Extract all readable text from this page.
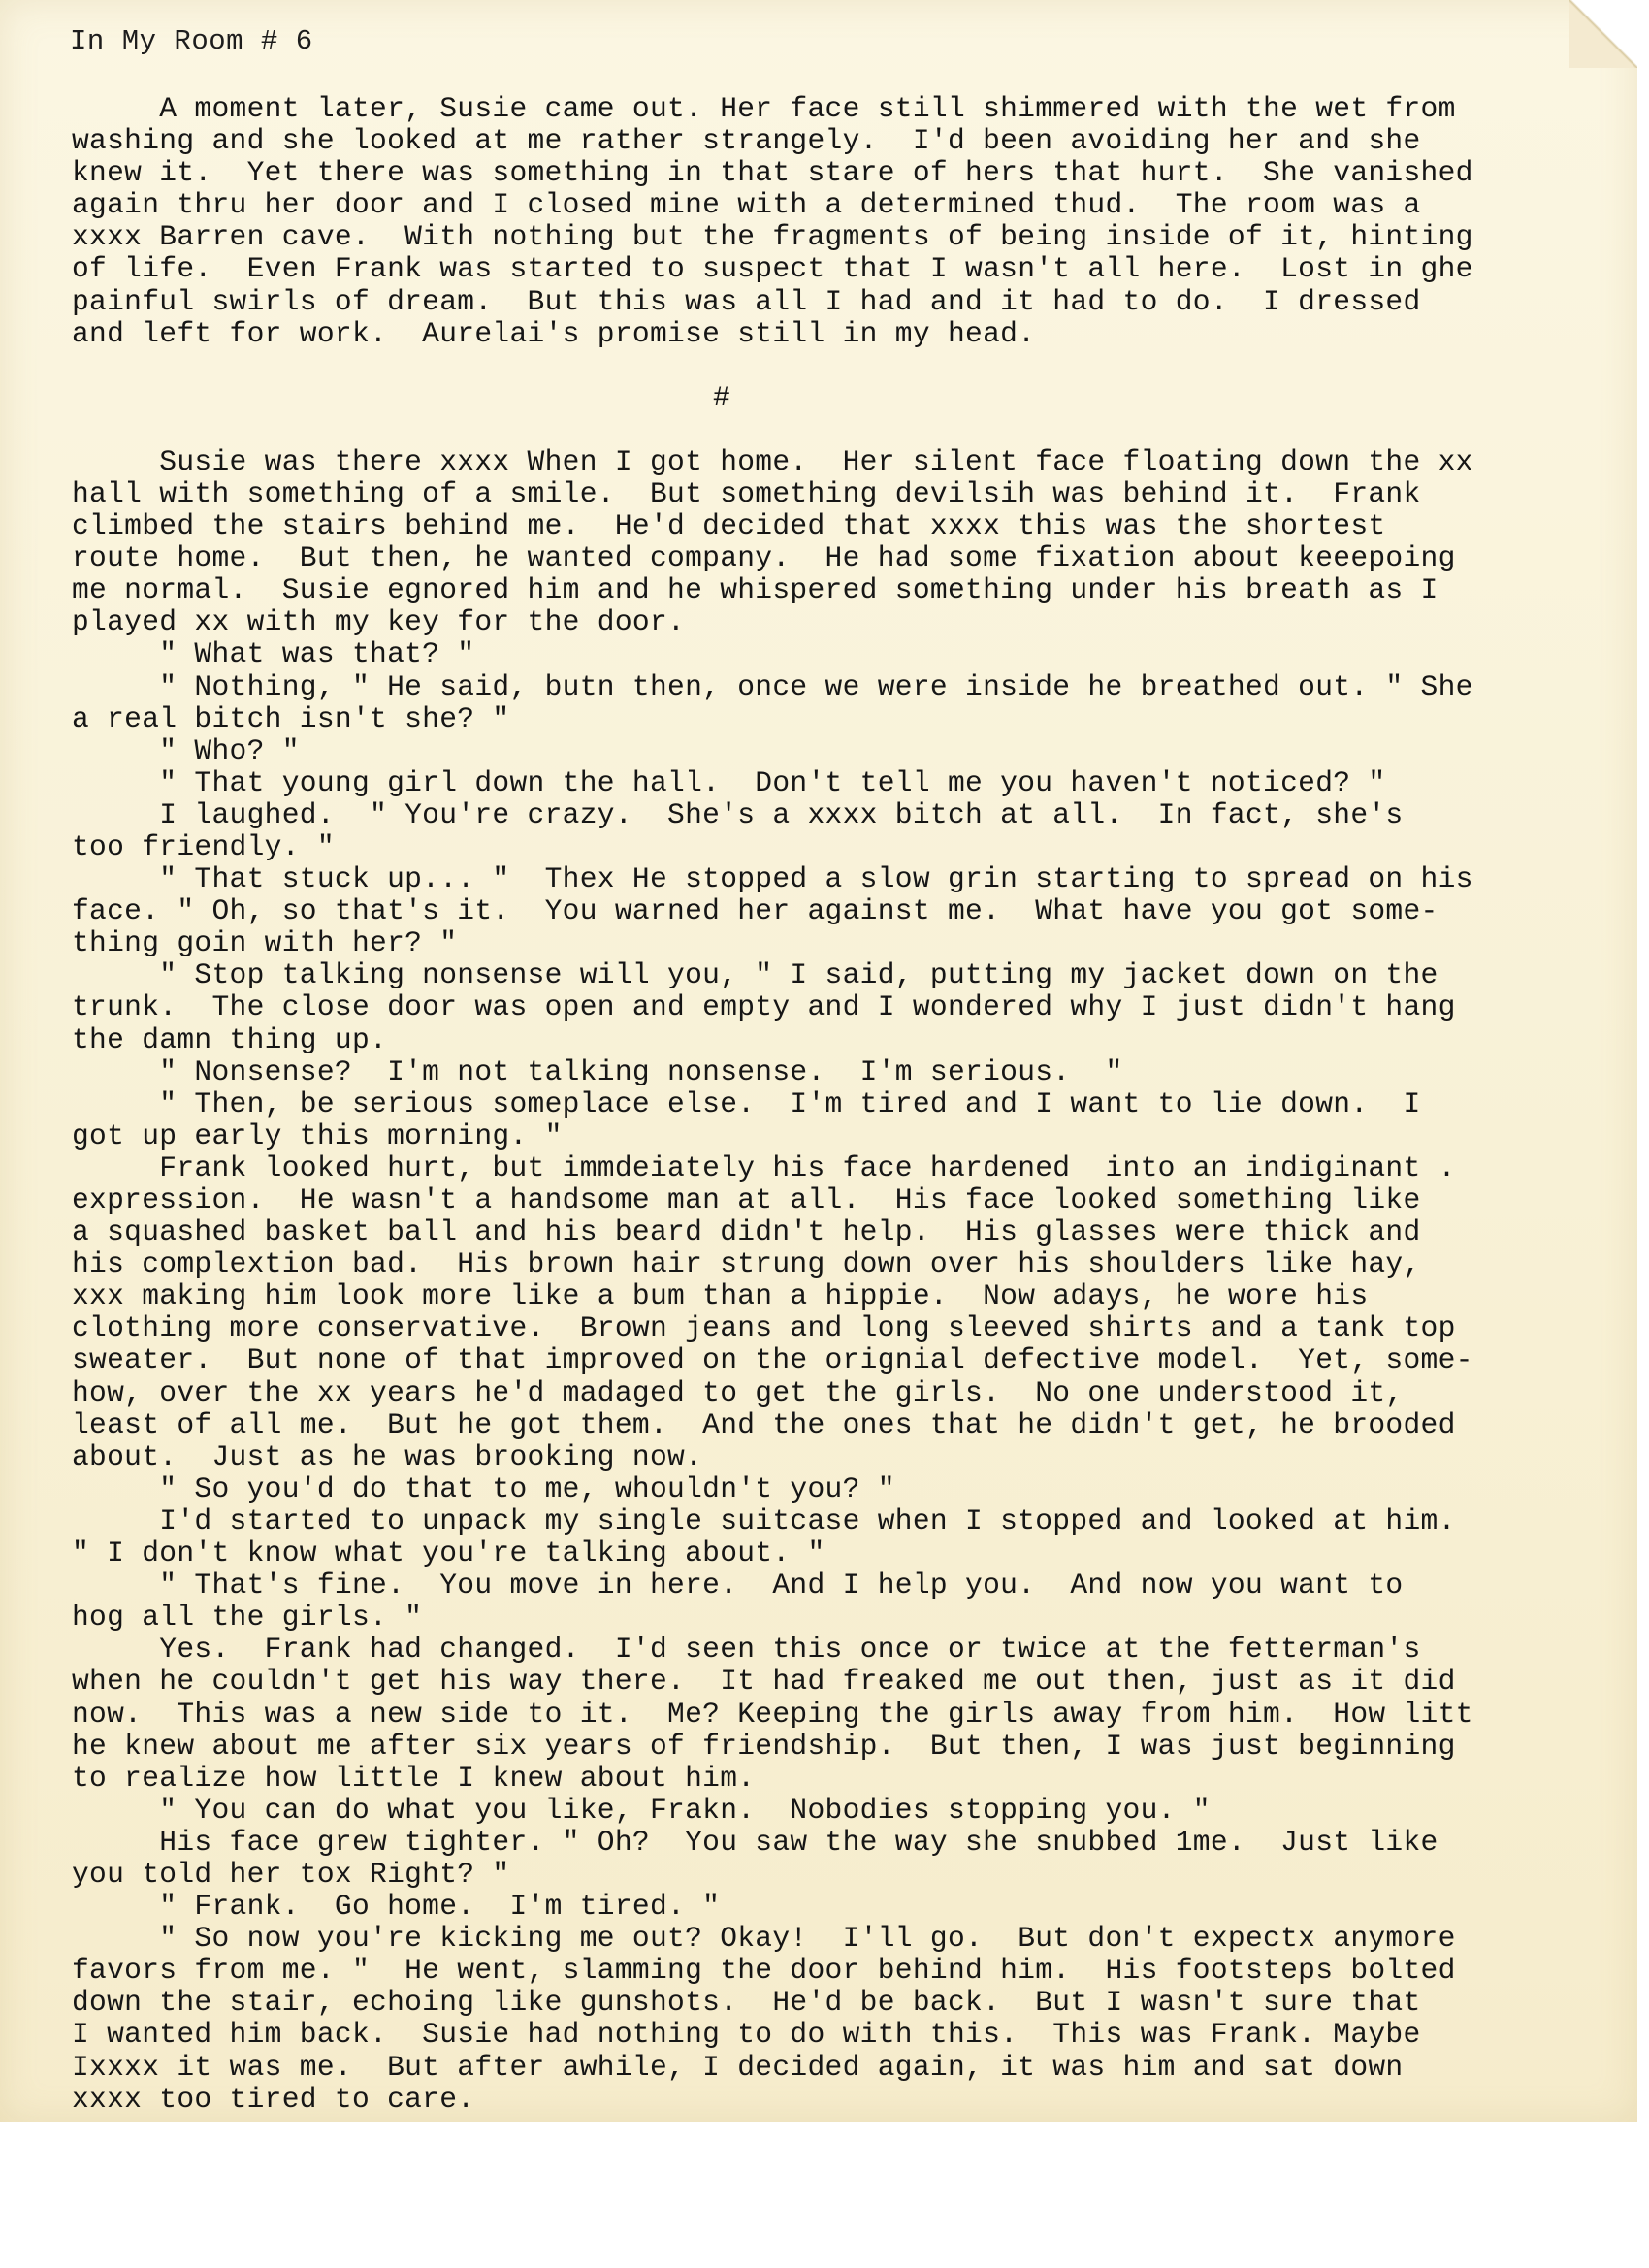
In My Room # 6
A moment later, Susie came out. Her face still shimmered with the wet from
washing and she looked at me rather strangely.  I'd been avoiding her and she
knew it.  Yet there was something in that stare of hers that hurt.  She vanished
again thru her door and I closed mine with a determined thud.  The room was a
xxxx Barren cave.  With nothing but the fragments of being inside of it, hinting
of life.  Even Frank was started to suspect that I wasn't all here.  Lost in ghe
painful swirls of dream.  But this was all I had and it had to do.  I dressed
and left for work.  Aurelai's promise still in my head.
#
Susie was there xxxx When I got home.  Her silent face floating down the xx
hall with something of a smile.  But something devilsih was behind it.  Frank
climbed the stairs behind me.  He'd decided that xxxx this was the shortest
route home.  But then, he wanted company.  He had some fixation about keeepoing
me normal.  Susie egnored him and he whispered something under his breath as I
played xx with my key for the door.
" What was that? "
" Nothing, " He said, butn then, once we were inside he breathed out. " She
a real bitch isn't she? "
" Who? "
" That young girl down the hall.  Don't tell me you haven't noticed? "
I laughed.  " You're crazy.  She's a xxxx bitch at all.  In fact, she's
too friendly. "
" That stuck up... "  Thex He stopped a slow grin starting to spread on his
face. " Oh, so that's it.  You warned her against me.  What have you got some-
thing goin with her? "
" Stop talking nonsense will you, " I said, putting my jacket down on the
trunk.  The close door was open and empty and I wondered why I just didn't hang
the damn thing up.
" Nonsense?  I'm not talking nonsense.  I'm serious.  "
" Then, be serious someplace else.  I'm tired and I want to lie down.  I
got up early this morning. "
Frank looked hurt, but immdeiately his face hardened  into an indiginant .
expression.  He wasn't a handsome man at all.  His face looked something like
a squashed basket ball and his beard didn't help.  His glasses were thick and
his complextion bad.  His brown hair strung down over his shoulders like hay,
xxx making him look more like a bum than a hippie.  Now adays, he wore his
clothing more conservative.  Brown jeans and long sleeved shirts and a tank top
sweater.  But none of that improved on the orignial defective model.  Yet, some-
how, over the xx years he'd madaged to get the girls.  No one understood it,
least of all me.  But he got them.  And the ones that he didn't get, he brooded
about.  Just as he was brooking now.
" So you'd do that to me, whouldn't you? "
I'd started to unpack my single suitcase when I stopped and looked at him.
" I don't know what you're talking about. "
" That's fine.  You move in here.  And I help you.  And now you want to
hog all the girls. "
Yes.  Frank had changed.  I'd seen this once or twice at the fetterman's
when he couldn't get his way there.  It had freaked me out then, just as it did
now.  This was a new side to it.  Me? Keeping the girls away from him.  How litt
he knew about me after six years of friendship.  But then, I was just beginning
to realize how little I knew about him.
" You can do what you like, Frakn.  Nobodies stopping you. "
His face grew tighter. " Oh?  You saw the way she snubbed 1me.  Just like
you told her tox Right? "
" Frank.  Go home.  I'm tired. "
" So now you're kicking me out? Okay!  I'll go.  But don't expectx anymore
favors from me. "  He went, slamming the door behind him.  His footsteps bolted
down the stair, echoing like gunshots.  He'd be back.  But I wasn't sure that
I wanted him back.  Susie had nothing to do with this.  This was Frank. Maybe
Ixxxx it was me.  But after awhile, I decided again, it was him and sat down
xxxx too tired to care.
